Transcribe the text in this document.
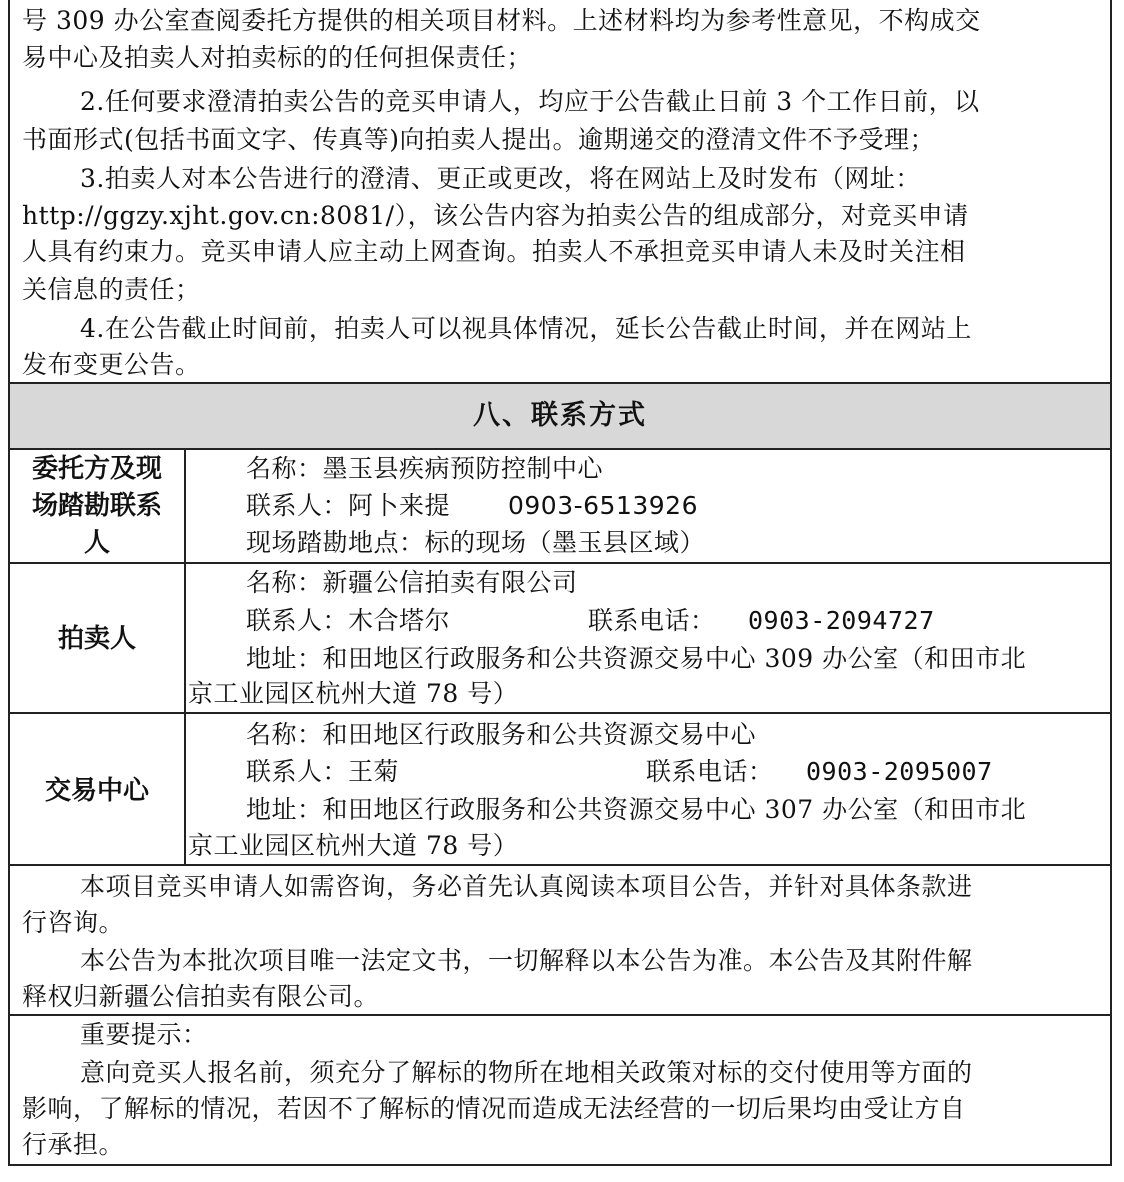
号 309 办公室查阅委托方提供的相关项目材料。上述材料均为参考性意见，不构成交
易中心及拍卖人对拍卖标的的任何担保责任；
2.任何要求澄清拍卖公告的竞买申请人，均应于公告截止日前 3 个工作日前，以
书面形式(包括书面文字、传真等)向拍卖人提出。逾期递交的澄清文件不予受理；
3.拍卖人对本公告进行的澄清、更正或更改，将在网站上及时发布（网址：
http://ggzy.xjht.gov.cn:8081/），该公告内容为拍卖公告的组成部分，对竞买申请
人具有约束力。竞买申请人应主动上网查询。拍卖人不承担竞买申请人未及时关注相
关信息的责任；
4.在公告截止时间前，拍卖人可以视具体情况，延长公告截止时间，并在网站上
发布变更公告。
八、联系方式
委托方及现
场踏勘联系
人
名称：墨玉县疾病预防控制中心
联系人：阿卜来提	0903-6513926
现场踏勘地点：标的现场（墨玉县区域）
拍卖人
名称：新疆公信拍卖有限公司
联系人：木合塔尔	联系电话： 0903-2094727
地址：和田地区行政服务和公共资源交易中心 309 办公室（和田市北
京工业园区杭州大道 78 号）
交易中心
名称：和田地区行政服务和公共资源交易中心
联系人：王菊	联系电话： 0903-2095007
地址：和田地区行政服务和公共资源交易中心 307 办公室（和田市北
京工业园区杭州大道 78 号）
本项目竞买申请人如需咨询，务必首先认真阅读本项目公告，并针对具体条款进
行咨询。
本公告为本批次项目唯一法定文书，一切解释以本公告为准。本公告及其附件解
释权归新疆公信拍卖有限公司。
重要提示：
意向竞买人报名前，须充分了解标的物所在地相关政策对标的交付使用等方面的
影响，了解标的情况，若因不了解标的情况而造成无法经营的一切后果均由受让方自
行承担。
